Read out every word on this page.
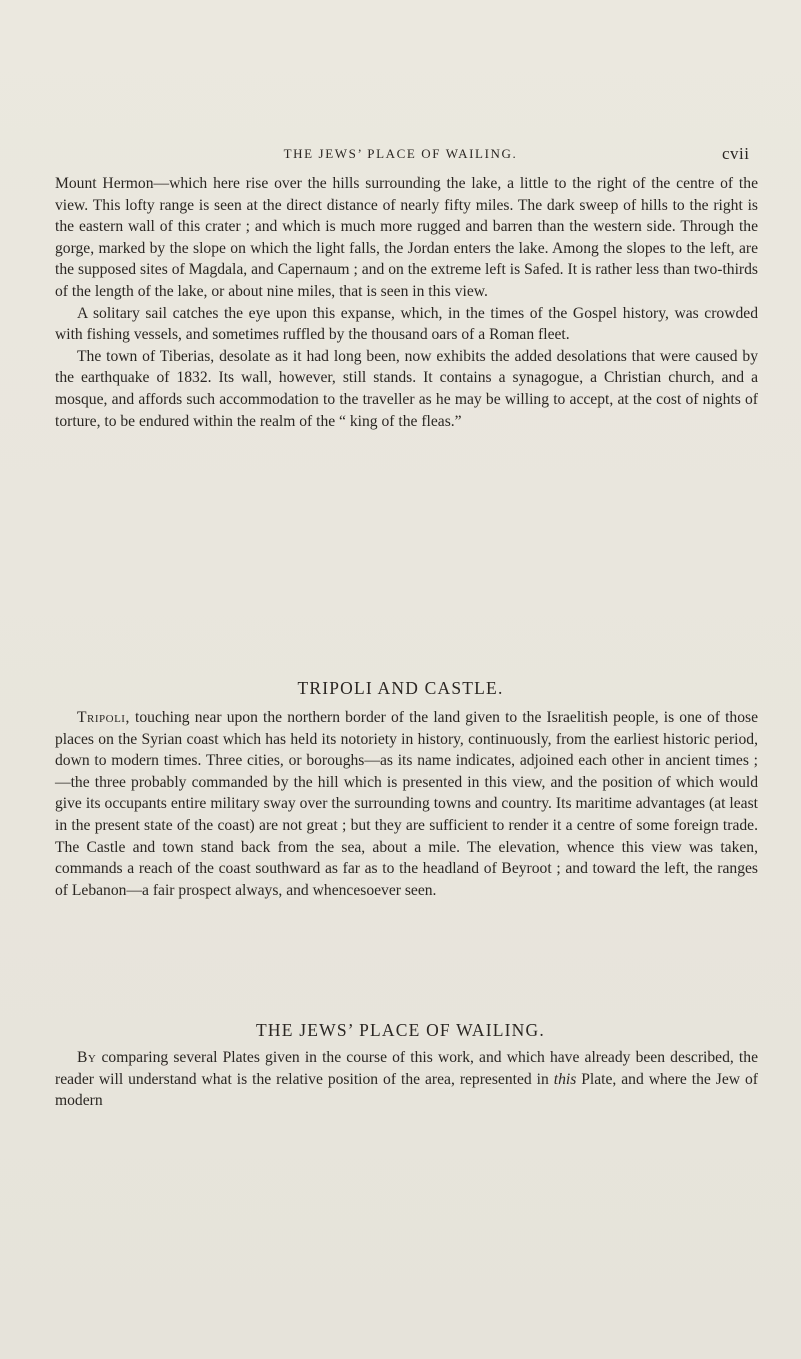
THE JEWS’ PLACE OF WAILING.	cvii

Mount Hermon—which here rise over the hills surrounding the lake, a little to the right of the centre of the view. This lofty range is seen at the direct distance of nearly fifty miles. The dark sweep of hills to the right is the eastern wall of this crater ; and which is much more rugged and barren than the western side. Through the gorge, marked by the slope on which the light falls, the Jordan enters the lake. Among the slopes to the left, are the supposed sites of Magdala, and Capernaum ; and on the extreme left is Safed. It is rather less than two-thirds of the length of the lake, or about nine miles, that is seen in this view.

A solitary sail catches the eye upon this expanse, which, in the times of the Gospel history, was crowded with fishing vessels, and sometimes ruffled by the thousand oars of a Roman fleet.

The town of Tiberias, desolate as it had long been, now exhibits the added desolations that were caused by the earthquake of 1832. Its wall, however, still stands. It contains a synagogue, a Christian church, and a mosque, and affords such accommodation to the traveller as he may be willing to accept, at the cost of nights of torture, to be endured within the realm of the “ king of the fleas.”

TRIPOLI AND CASTLE.

Tripoli, touching near upon the northern border of the land given to the Israelitish people, is one of those places on the Syrian coast which has held its notoriety in history, continuously, from the earliest historic period, down to modern times. Three cities, or boroughs—as its name indicates, adjoined each other in ancient times ;—the three probably commanded by the hill which is presented in this view, and the position of which would give its occupants entire military sway over the surrounding towns and country. Its maritime advantages (at least in the present state of the coast) are not great ; but they are sufficient to render it a centre of some foreign trade. The Castle and town stand back from the sea, about a mile. The elevation, whence this view was taken, commands a reach of the coast southward as far as to the headland of Beyroot ; and toward the left, the ranges of Lebanon—a fair prospect always, and whencesoever seen.

THE JEWS’ PLACE OF WAILING.

By comparing several Plates given in the course of this work, and which have already been described, the reader will understand what is the relative position of the area, represented in this Plate, and where the Jew of modern
